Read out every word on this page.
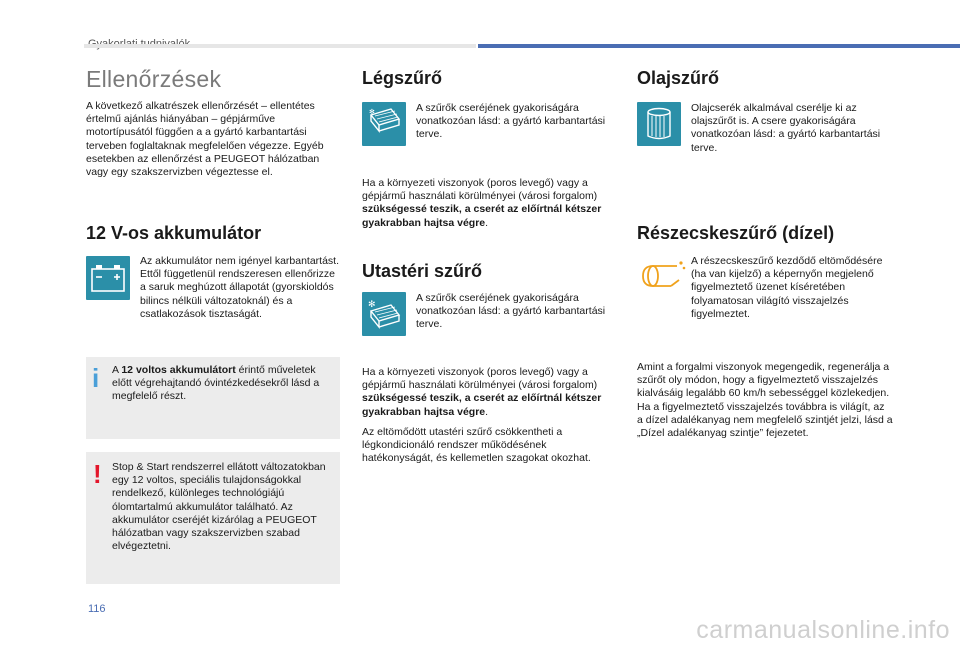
Ellenőrzések
A következő alkatrészek ellenőrzését – ellentétes értelmű ajánlás hiányában – gépjárműve motortípusától függően a a gyártó karbantartási terveben foglaltaknak megfelelően végezze. Egyéb esetekben az ellenőrzést a PEUGEOT hálózatban vagy egy szakszervizben végeztesse el.
12 V-os akkumulátor
Az akkumulátor nem igényel karbantartást. Ettől függetlenül rendszeresen ellenőrizze a saruk meghúzott állapotát (gyorskioldós bilincs nélküli változatoknál) és a csatlakozások tisztaságát.
i A 12 voltos akkumulátort érintő műveletek előtt végrehajtandó óvintézkedésekről lásd a megfelelő részt.
! Stop & Start rendszerrel ellátott változatokban egy 12 voltos, speciális tulajdonságokkal rendelkező, különleges technológiájú ólomtartalmú akkumulátor található. Az akkumulátor cseréjét kizárólag a PEUGEOT hálózatban vagy szakszervizben szabad elvégeztetni.
Légszűrő
✻	A szűrők cseréjének gyakoriságára vonatkozóan lásd: a gyártó karbantartási terve.
Ha a környezeti viszonyok (poros levegő) vagy a gépjármű használati körülményei (városi forgalom) szükségessé teszik, a cserét az előírtnál kétszer gyakrabban hajtsa végre.
Utastéri szűrő
✻
A szűrők cseréjének gyakoriságára vonatkozóan lásd: a gyártó karbantartási terve.
Ha a környezeti viszonyok (poros levegő) vagy a gépjármű használati körülményei (városi forgalom) szükségessé teszik, a cserét az előírtnál kétszer gyakrabban hajtsa végre.
Az eltömődött utastéri szűrő csökkentheti a légkondicionáló rendszer működésének hatékonyságát, és kellemetlen szagokat okozhat.
Olajszűrő
Olajcserék alkalmával cserélje ki az olajszűrőt is. A csere gyakoriságára vonatkozóan lásd: a gyártó karbantartási terve.
Részecskeszűrő (dízel)
A részecskeszűrő kezdődő eltömődésére (ha van kijelző) a képernyőn megjelenő figyelmeztető üzenet kíséretében folyamatosan világító visszajelzés figyelmeztet.
Amint a forgalmi viszonyok megengedik, regenerálja a szűrőt oly módon, hogy a figyelmeztető visszajelzés kialvásáig legalább 60 km/h sebességgel közlekedjen. Ha a figyelmeztető visszajelzés továbbra is világít, az a dízel adalékanyag nem megfelelő szintjét jelzi, lásd a „Dízel adalékanyag szintje” fejezetet.
116
carmanualsonline.info
